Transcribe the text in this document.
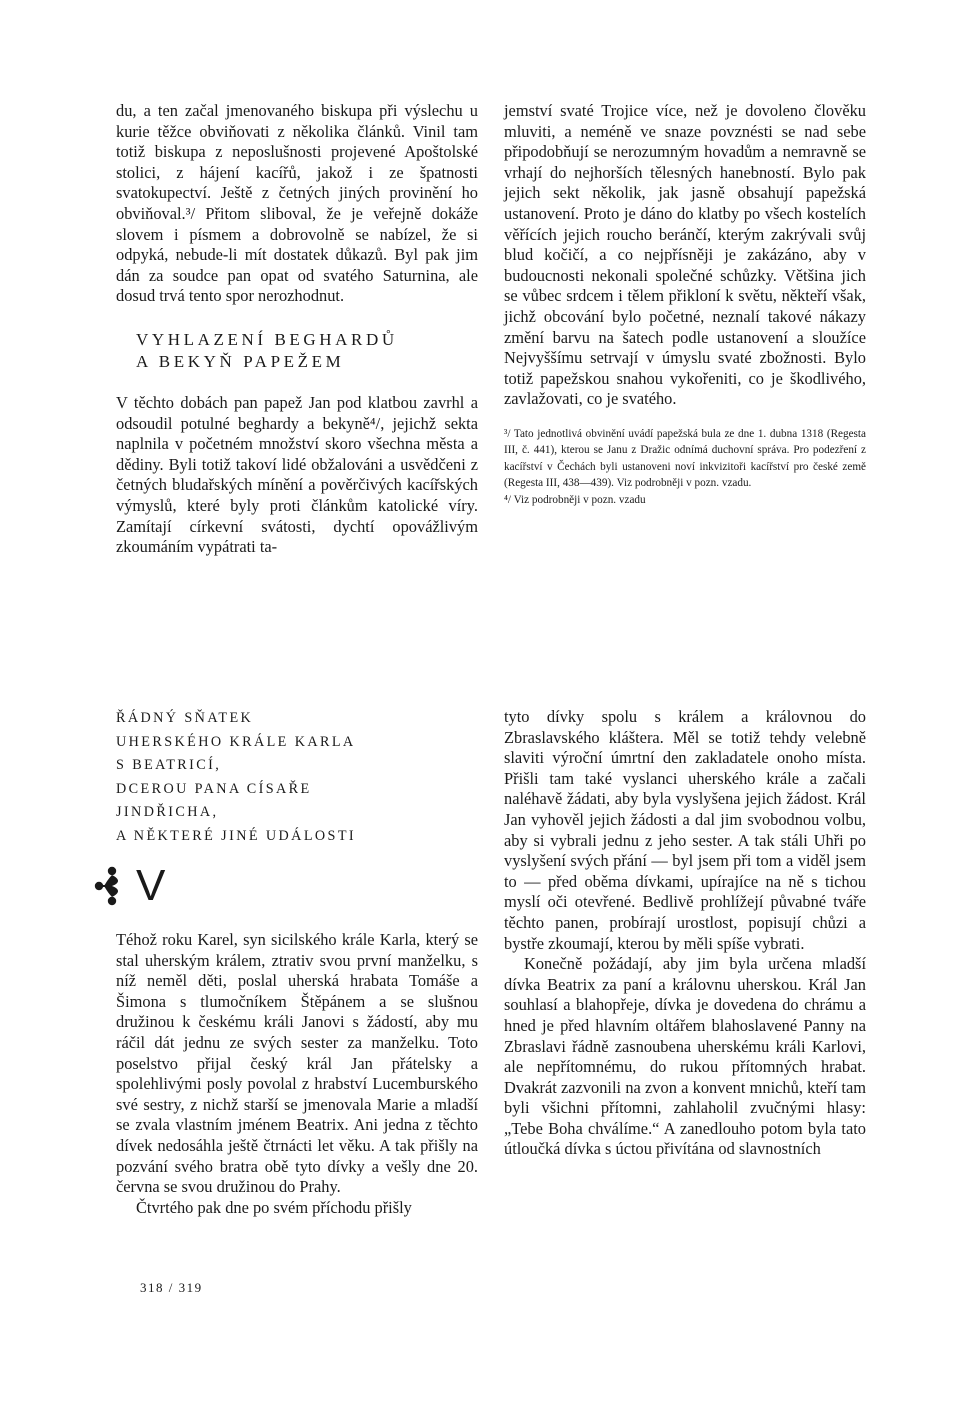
du, a ten začal jmenovaného biskupa při výslechu u kurie těžce obviňovati z několika článků. Vinil tam totiž biskupa z neposlušnosti projevené Apoštolské stolici, z hájení kacířů, jakož i ze špatnosti svatokupectví. Ještě z četných jiných provinění ho obviňoval.³/ Přitom sliboval, že je veřejně dokáže slovem i písmem a dobrovolně se nabízel, že si odpyká, nebude-li mít dostatek důkazů. Byl pak jim dán za soudce pan opat od svatého Saturnina, ale dosud trvá tento spor nerozhodnut.

VYHLAZENÍ BEGHARDŮ
A BEKYŇ PAPEŽEM

V těchto dobách pan papež Jan pod klatbou zavrhl a odsoudil potulné beghardy a bekyně⁴/, jejichž sekta naplnila v početném množství skoro všechna města a dědiny. Byli totiž takoví lidé obžalováni a usvědčeni z četných bludařských mínění a pověrčivých kacířských výmyslů, které byly proti článkům katolické víry. Zamítají církevní svátosti, dychtí opovážlivým zkoumáním vypátrati ta-

jemství svaté Trojice více, než je dovoleno člověku mluviti, a neméně ve snaze povznésti se nad sebe připodobňují se nerozumným hovadům a nemravně se vrhají do nejhorších tělesných hanebností. Bylo pak jejich sekt několik, jak jasně obsahují papežská ustanovení. Proto je dáno do klatby po všech kostelích věřících jejich roucho beránčí, kterým zakrývali svůj blud kočičí, a co nejpřísněji je zakázáno, aby v budoucnosti nekonali společné schůzky. Většina jich se vůbec srdcem i tělem přikloní k světu, někteří však, jichž obcování bylo početné, neznalí takové nákazy změní barvu na šatech podle ustanovení a sloužíce Nejvyššímu setrvají v úmyslu svaté zbožnosti. Bylo totiž papežskou snahou vykořeniti, co je škodlivého, zavlažovati, co je svatého.

³/ Tato jednotlivá obvinění uvádí papežská bula ze dne 1. dubna 1318 (Regesta III, č. 441), kterou se Janu z Dražic odnímá duchovní správa. Pro podezření z kacířství v Čechách byli ustanoveni noví inkvizitoři kacířství pro české země (Regesta III, 438—439). Viz podrobněji v pozn. vzadu.

⁴/ Viz podrobněji v pozn. vzadu

ŘÁDNÝ SŇATEK
UHERSKÉHO KRÁLE KARLA
S BEATRICÍ,
DCEROU PANA CÍSAŘE
JINDŘICHA,
A NĚKTERÉ JINÉ UDÁLOSTI
V

Téhož roku Karel, syn sicilského krále Karla, který se stal uherským králem, ztrativ svou první manželku, s níž neměl děti, poslal uherská hrabata Tomáše a Šimona s tlumočníkem Štěpánem a se slušnou družinou k českému králi Janovi s žádostí, aby mu ráčil dát jednu ze svých sester za manželku. Toto poselstvo přijal český král Jan přátelsky a spolehlivými posly povolal z hrabství Lucemburského své sestry, z nichž starší se jmenovala Marie a mladší se zvala vlastním jménem Beatrix. Ani jedna z těchto dívek nedosáhla ještě čtrnácti let věku. A tak přišly na pozvání svého bratra obě tyto dívky a vešly dne 20. června se svou družinou do Prahy.

Čtvrtého pak dne po svém příchodu přišly

tyto dívky spolu s králem a královnou do Zbraslavského kláštera. Měl se totiž tehdy velebně slaviti výroční úmrtní den zakladatele onoho místa. Přišli tam také vyslanci uherského krále a začali naléhavě žádati, aby byla vyslyšena jejich žádost. Král Jan vyhověl jejich žádosti a dal jim svobodnou volbu, aby si vybrali jednu z jeho sester. A tak stáli Uhři po vyslyšení svých přání — byl jsem při tom a viděl jsem to — před oběma dívkami, upírajíce na ně s tichou myslí oči otevřené. Bedlivě prohlížejí půvabné tváře těchto panen, probírají urostlost, popisují chůzi a bystře zkoumají, kterou by měli spíše vybrati.

Konečně požádají, aby jim byla určena mladší dívka Beatrix za paní a královnu uherskou. Král Jan souhlasí a blahopřeje, dívka je dovedena do chrámu a hned je před hlavním oltářem blahoslavené Panny na Zbraslavi řádně zasnoubena uherskému králi Karlovi, ale nepřítomnému, do rukou přítomných hrabat. Dvakrát zazvonili na zvon a konvent mnichů, kteří tam byli všichni přítomni, zahlaholil zvučnými hlasy: „Tebe Boha chválíme.“ A zanedlouho potom byla tato útloučká dívka s úctou přivítána od slavnostních

318 / 319
